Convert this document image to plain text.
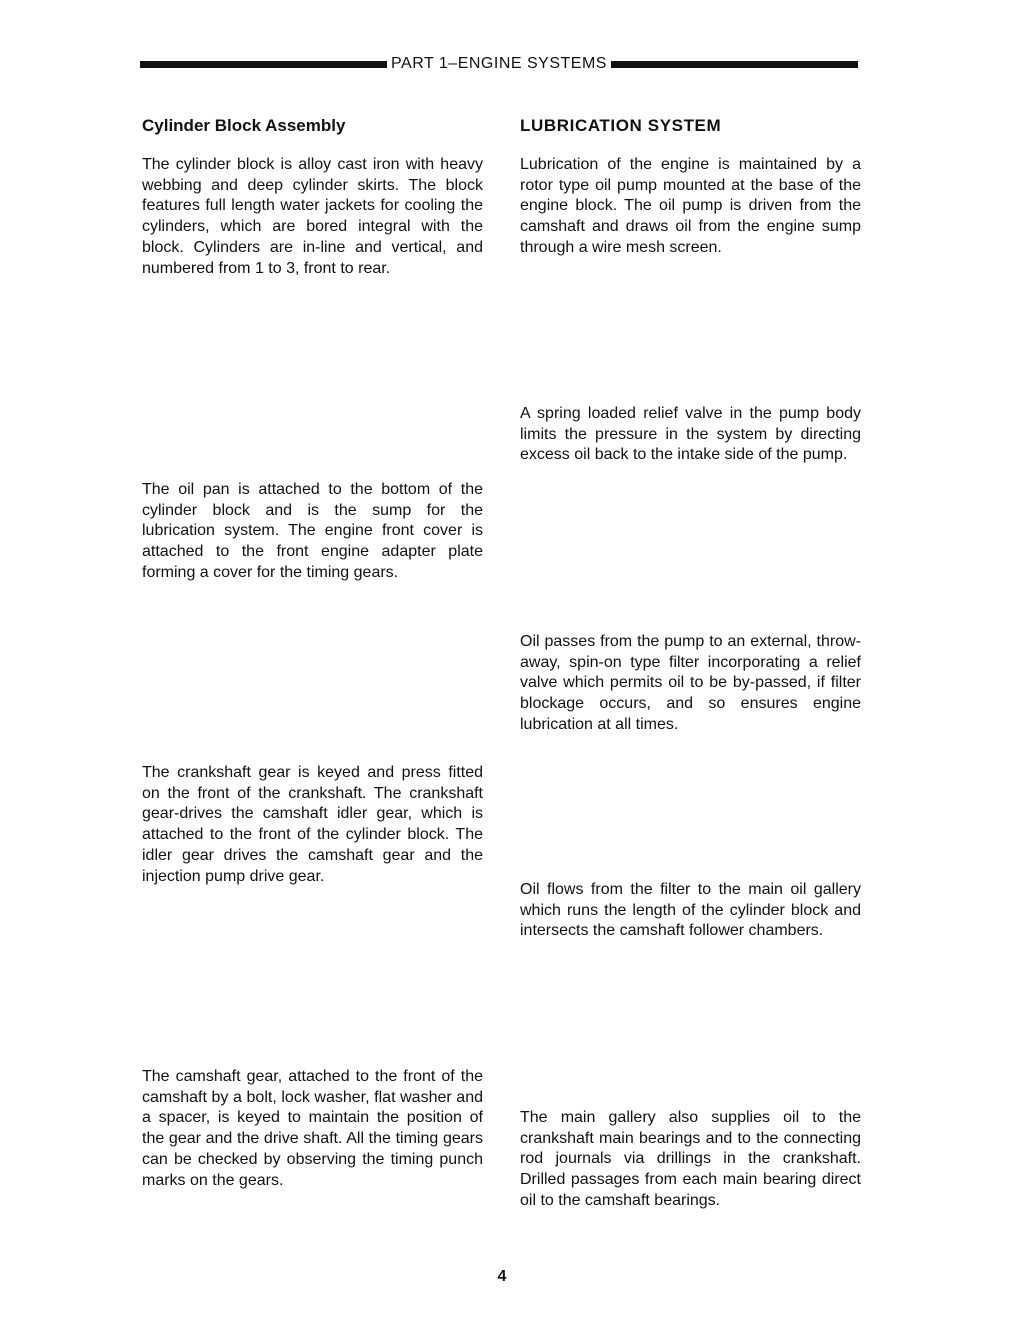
PART 1–ENGINE SYSTEMS
Cylinder Block Assembly

The cylinder block is alloy cast iron with heavy webbing and deep cylinder skirts. The block features full length water jackets for cooling the cylinders, which are bored integral with the block. Cylinders are in-line and vertical, and numbered from 1 to 3, front to rear.

The oil pan is attached to the bottom of the cylinder block and is the sump for the lubrication system. The engine front cover is attached to the front engine adapter plate forming a cover for the timing gears.

The crankshaft gear is keyed and press fitted on the front of the crankshaft. The crankshaft gear-drives the camshaft idler gear, which is attached to the front of the cylinder block. The idler gear drives the camshaft gear and the injection pump drive gear.

The camshaft gear, attached to the front of the camshaft by a bolt, lock washer, flat washer and a spacer, is keyed to maintain the position of the gear and the drive shaft. All the timing gears can be checked by observing the timing punch marks on the gears.

LUBRICATION SYSTEM

Lubrication of the engine is maintained by a rotor type oil pump mounted at the base of the engine block. The oil pump is driven from the camshaft and draws oil from the engine sump through a wire mesh screen.

A spring loaded relief valve in the pump body limits the pressure in the system by directing excess oil back to the intake side of the pump.

Oil passes from the pump to an external, throw-away, spin-on type filter incorporating a relief valve which permits oil to be by-passed, if filter blockage occurs, and so ensures engine lubrication at all times.

Oil flows from the filter to the main oil gallery which runs the length of the cylinder block and intersects the camshaft follower chambers.

The main gallery also supplies oil to the crankshaft main bearings and to the connecting rod journals via drillings in the crankshaft. Drilled passages from each main bearing direct oil to the camshaft bearings.

4
